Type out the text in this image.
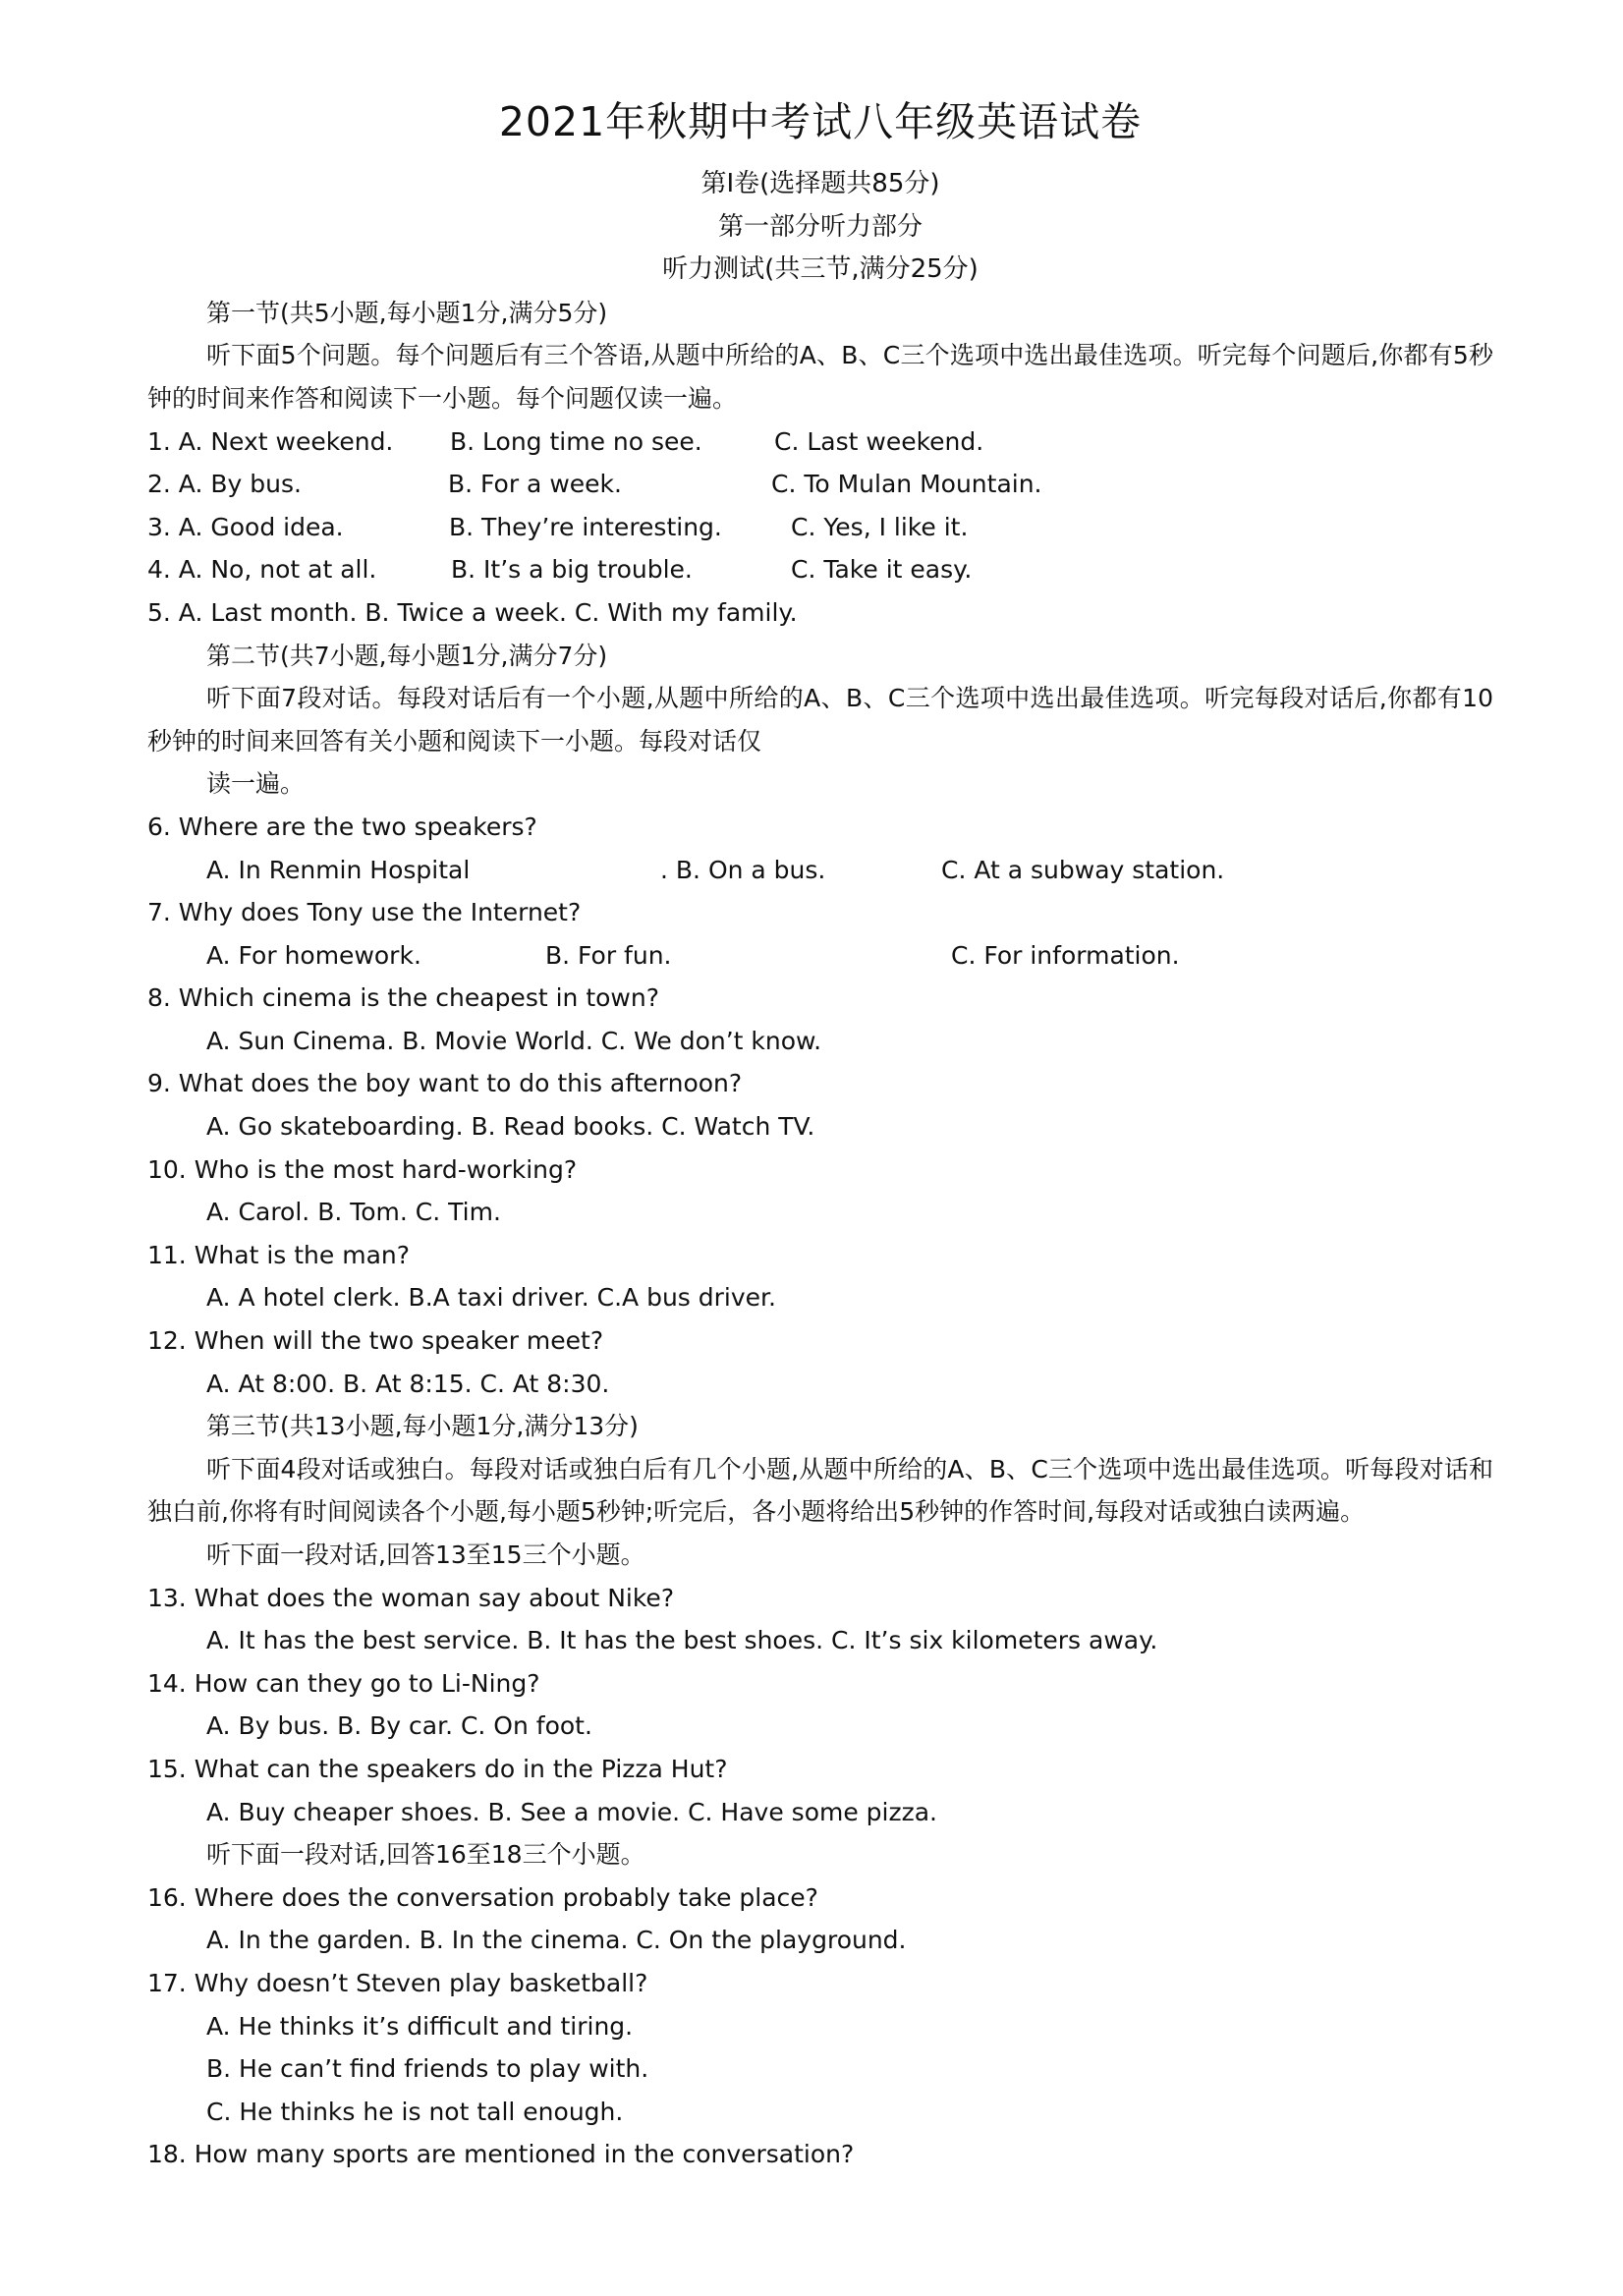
2021年秋期中考试八年级英语试卷
第Ⅰ卷(选择题共85分)
第一部分听力部分
听力测试(共三节,满分25分)
第一节(共5小题,每小题1分,满分5分)
听下面5个问题。每个问题后有三个答语,从题中所给的A、B、C三个选项中选出最佳选项。听完每个问题后,你都有5秒钟的时间来作答和阅读下一小题。每个问题仅读一遍。
1. A. Next weekend.	B. Long time no see.	C. Last weekend.
2. A. By bus.	B. For a week.	C. To Mulan Mountain.
3. A. Good idea.	B. They’re interesting.	C. Yes, I like it.
4. A. No, not at all.	B. It’s a big trouble.	C. Take it easy.
5. A. Last month. B. Twice a week. C. With my family.
第二节(共7小题,每小题1分,满分7分)
听下面7段对话。每段对话后有一个小题,从题中所给的A、B、C三个选项中选出最佳选项。听完每段对话后,你都有10秒钟的时间来回答有关小题和阅读下一小题。每段对话仅
读一遍。
6. Where are the two speakers?
A. In Renmin Hospital	. B. On a bus.	C. At a subway station.
7. Why does Tony use the Internet?
A. For homework.	B. For fun.	C. For information.
8. Which cinema is the cheapest in town?
A. Sun Cinema. B. Movie World. C. We don’t know.
9. What does the boy want to do this afternoon?
A. Go skateboarding. B. Read books. C. Watch TV.
10. Who is the most hard-working?
A. Carol. B. Tom. C. Tim.
11. What is the man?
A. A hotel clerk. B.A taxi driver. C.A bus driver.
12. When will the two speaker meet?
A. At 8:00. B. At 8:15. C. At 8:30.
第三节(共13小题,每小题1分,满分13分)
听下面4段对话或独白。每段对话或独白后有几个小题,从题中所给的A、B、C三个选项中选出最佳选项。听每段对话和独白前,你将有时间阅读各个小题,每小题5秒钟;听完后，各小题将给出5秒钟的作答时间,每段对话或独白读两遍。
听下面一段对话,回答13至15三个小题。
13. What does the woman say about Nike?
A. It has the best service. B. It has the best shoes. C. It’s six kilometers away.
14. How can they go to Li-Ning?
A. By bus. B. By car. C. On foot.
15. What can the speakers do in the Pizza Hut?
A. Buy cheaper shoes. B. See a movie. C. Have some pizza.
听下面一段对话,回答16至18三个小题。
16. Where does the conversation probably take place?
A. In the garden. B. In the cinema. C. On the playground.
17. Why doesn’t Steven play basketball?
A. He thinks it’s difficult and tiring.
B. He can’t find friends to play with.
C. He thinks he is not tall enough.
18. How many sports are mentioned in the conversation?
